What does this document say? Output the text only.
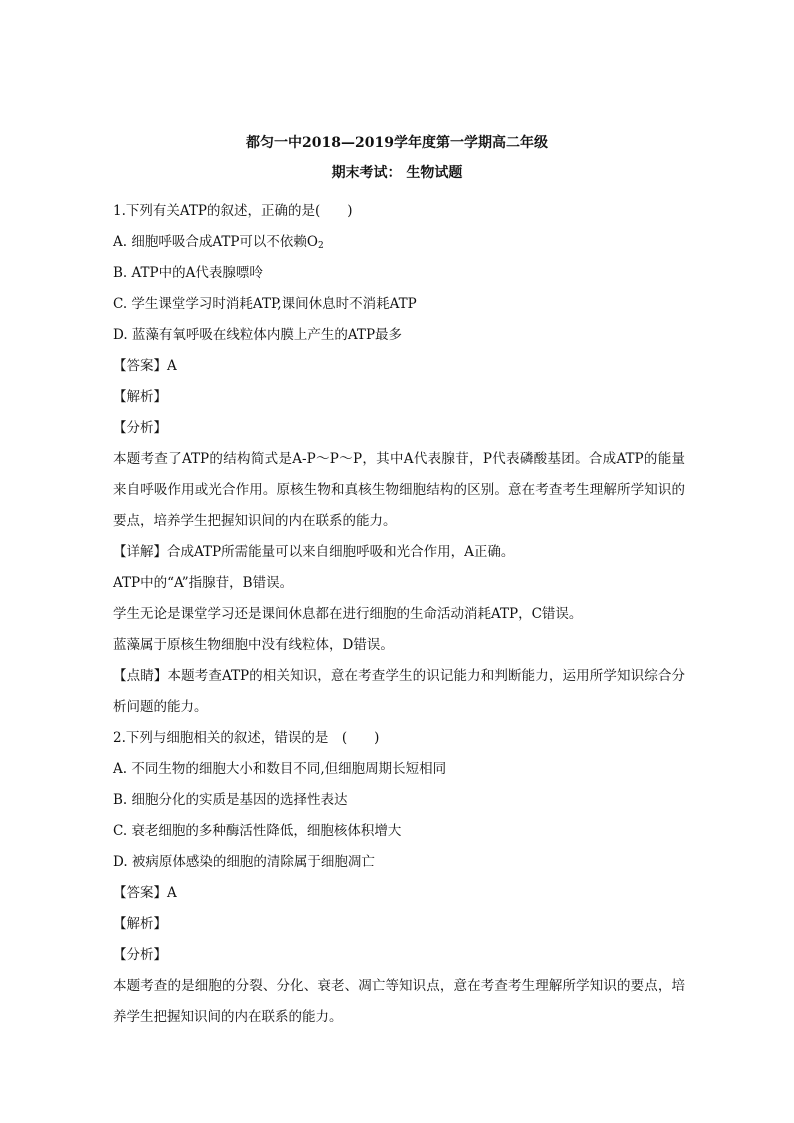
都匀一中2018—2019学年度第一学期高二年级
期末考试： 生物试题
1.下列有关ATP的叙述，正确的是(　　)
A. 细胞呼吸合成ATP可以不依赖$O_2$
B. ATP中的A代表腺嘌呤
C. 学生课堂学习时消耗ATP,课间休息时不消耗ATP
D. 蓝藻有氧呼吸在线粒体内膜上产生的ATP最多
【答案】A
【解析】
【分析】
本题考查了ATP的结构简式是A-P～P～P，其中A代表腺苷，P代表磷酸基团。合成ATP的能量来自呼吸作用或光合作用。原核生物和真核生物细胞结构的区别。意在考查考生理解所学知识的要点，培养学生把握知识间的内在联系的能力。
【详解】合成ATP所需能量可以来自细胞呼吸和光合作用，A正确。
ATP中的“A”指腺苷，B错误。
学生无论是课堂学习还是课间休息都在进行细胞的生命活动消耗ATP，C错误。
蓝藻属于原核生物细胞中没有线粒体，D错误。
【点睛】本题考查ATP的相关知识，意在考查学生的识记能力和判断能力，运用所学知识综合分析问题的能力。
2.下列与细胞相关的叙述，错误的是　(　　)
A. 不同生物的细胞大小和数目不同,但细胞周期长短相同
B. 细胞分化的实质是基因的选择性表达
C. 衰老细胞的多种酶活性降低，细胞核体积增大
D. 被病原体感染的细胞的清除属于细胞凋亡
【答案】A
【解析】
【分析】
本题考查的是细胞的分裂、分化、衰老、凋亡等知识点，意在考查考生理解所学知识的要点，培养学生把握知识间的内在联系的能力。
